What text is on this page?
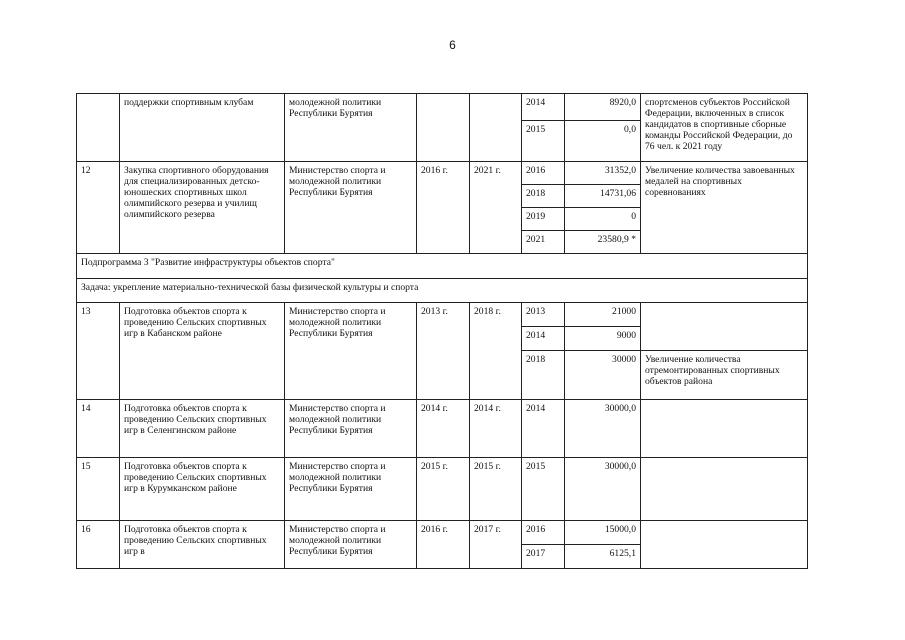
6
	поддержки спортивным клубам	молодежной политики Республики Бурятия			2014	8920,0	спортсменов субъектов Российской Федерации, включенных в список кандидатов в спортивные сборные команды Российской Федерации, до 76 чел. к 2021 году
					2015	0,0	
12	Закупка спортивного оборудования для специализированных детско-юношеских спортивных школ олимпийского резерва и училищ олимпийского резерва	Министерство спорта и молодежной политики Республики Бурятия	2016 г.	2021 г.	2016	31352,0	Увеличение количества завоеванных медалей на спортивных соревнованиях
					2018	14731,06	
					2019	0	
					2021	23580,9 *	
Подпрограмма 3 "Развитие инфраструктуры объектов спорта"							
Задача: укрепление материально-технической базы физической культуры и спорта							
13	Подготовка объектов спорта к проведению Сельских спортивных игр в Кабанском районе	Министерство спорта и молодежной политики Республики Бурятия	2013 г.	2018 г.	2013	21000	
					2014	9000	
					2018	30000	Увеличение количества отремонтированных спортивных объектов района
14	Подготовка объектов спорта к проведению Сельских спортивных игр в Селенгинском районе	Министерство спорта и молодежной политики Республики Бурятия	2014 г.	2014 г.	2014	30000,0	
15	Подготовка объектов спорта к проведению Сельских спортивных игр в Курумканском районе	Министерство спорта и молодежной политики Республики Бурятия	2015 г.	2015 г.	2015	30000,0	
16	Подготовка объектов спорта к проведению Сельских спортивных игр в	Министерство спорта и молодежной политики Республики Бурятия	2016 г.	2017 г.	2016	15000,0	
					2017	6125,1	
